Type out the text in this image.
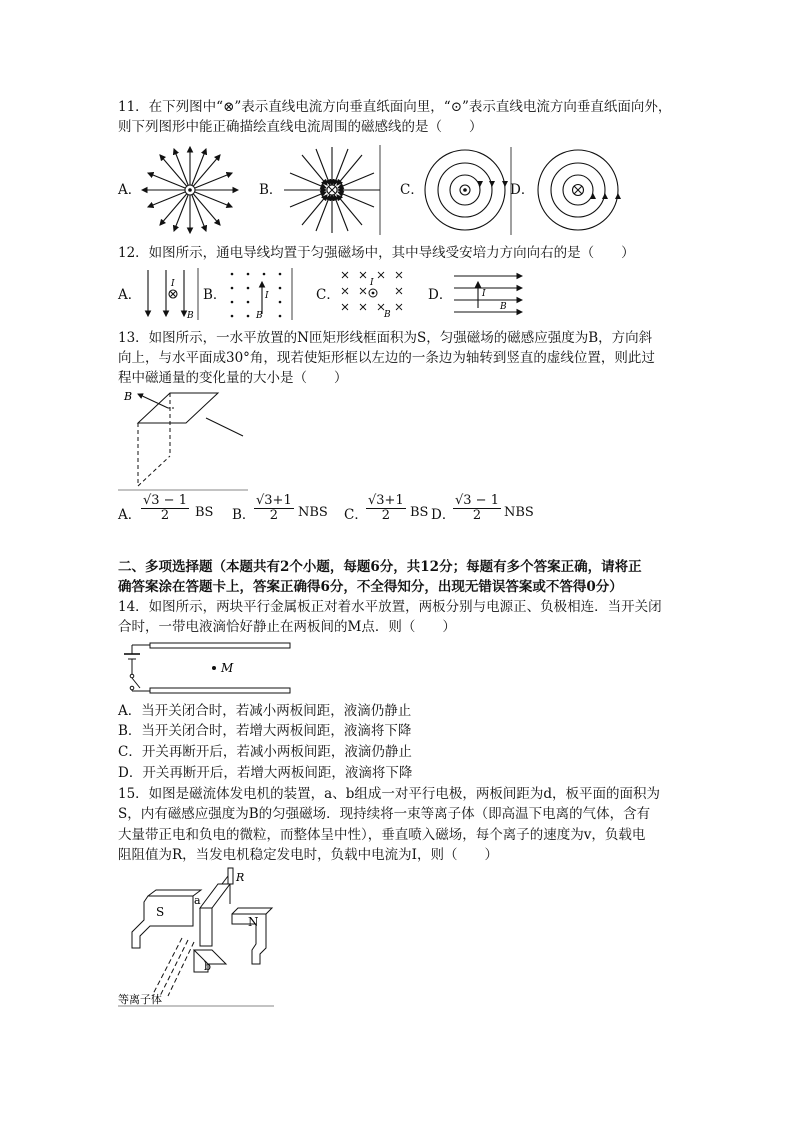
11．在下列图中“⊗”表示直线电流方向垂直纸面向里，“⊙”表示直线电流方向垂直纸面向外，
则下列图形中能正确描绘直线电流周围的磁感线的是（　　）
A．	B．	C．	D．
12．如图所示，通电导线均置于匀强磁场中，其中导线受安培力方向向右的是（　　）
A．
I
B
B．	I
B
C．
I
B
D．	I
B
13．如图所示，一水平放置的N匝矩形线框面积为S，匀强磁场的磁感应强度为B，方向斜
向上，与水平面成30°角，现若使矩形框以左边的一条边为轴转到竖直的虚线位置，则此过
程中磁通量的变化量的大小是（　　）
B
A． $\frac{√3 - 1}{2}$ BS B．
$\frac{√3+1}{2}$ NBS C．
$\frac{√3+1}{2}$ BS D．
$\frac{√3 - 1}{2}$ NBS
二、多项选择题（本题共有2个小题，每题6分，共12分；每题有多个答案正确，请将正
确答案涂在答题卡上，答案正确得6分，不全得知分，出现无错误答案或不答得0分）
14．如图所示，两块平行金属板正对着水平放置，两板分别与电源正、负极相连．当开关闭
合时，一带电液滴恰好静止在两板间的M点．则（　　）
M
A．当开关闭合时，若减小两板间距，液滴仍静止
B．当开关闭合时，若增大两板间距，液滴将下降
C．开关再断开后，若减小两板间距，液滴仍静止
D．开关再断开后，若增大两板间距，液滴将下降
15．如图是磁流体发电机的装置，a、b组成一对平行电极，两板间距为d，板平面的面积为
S，内有磁感应强度为B的匀强磁场．现持续将一束等离子体（即高温下电离的气体，含有
大量带正电和负电的微粒，而整体呈中性），垂直喷入磁场，每个离子的速度为v，负载电
阻阻值为R，当发电机稳定发电时，负载中电流为I，则（　　）
R
S
N
a
b
等离子体
